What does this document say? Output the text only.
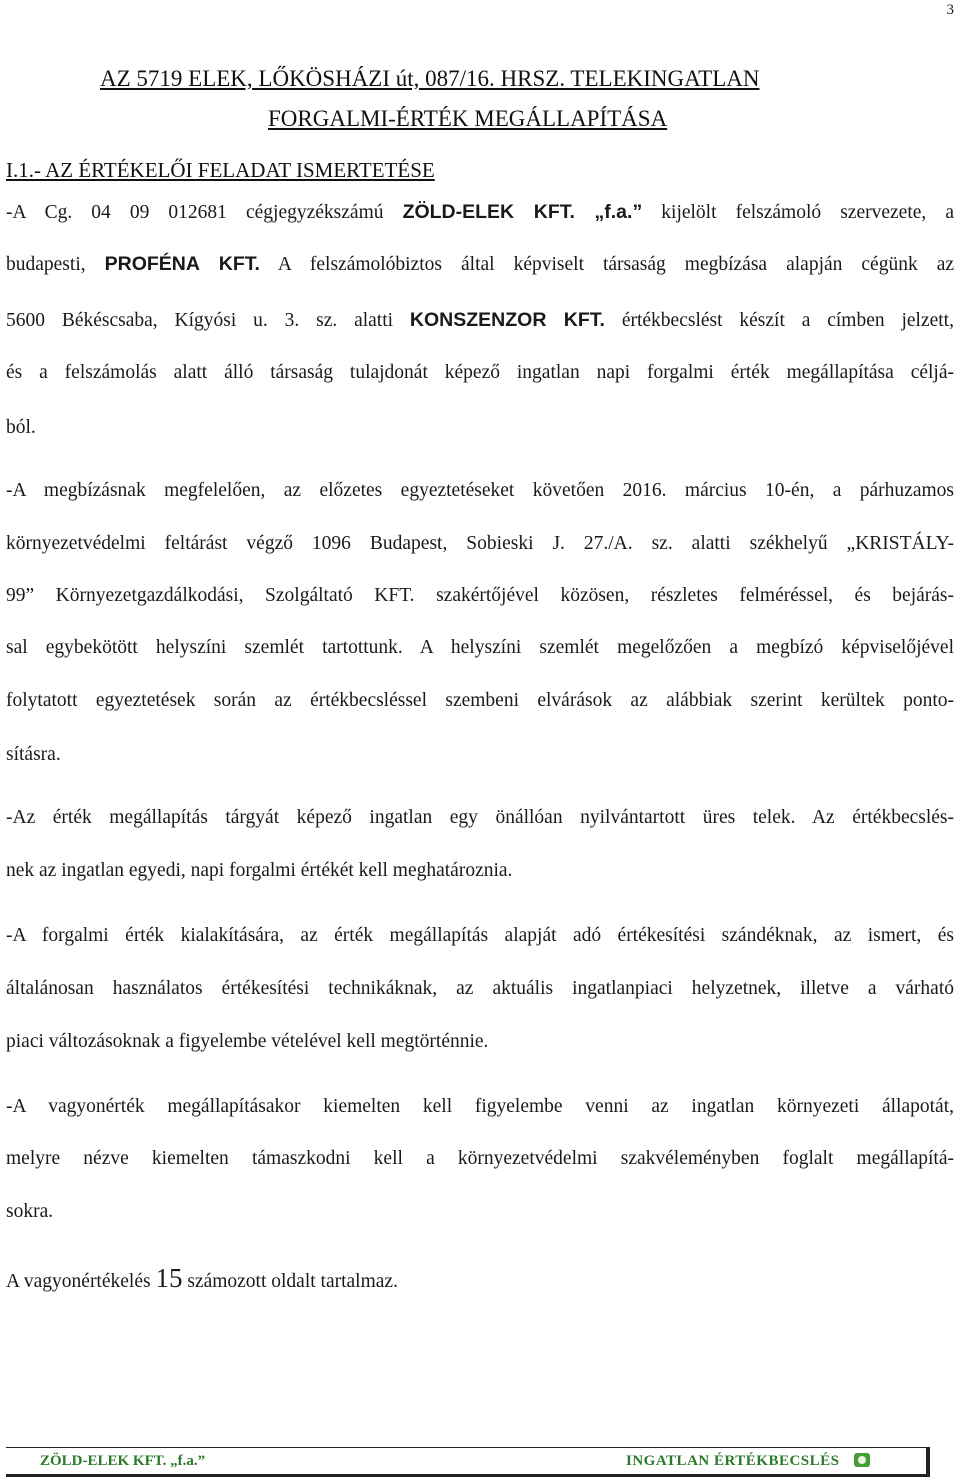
3
AZ 5719 ELEK, LŐKÖSHÁZI út, 087/16. HRSZ. TELEKINGATLAN
FORGALMI-ÉRTÉK MEGÁLLAPÍTÁSA
I.1.- AZ ÉRTÉKELŐI FELADAT ISMERTETÉSE
-A Cg. 04 09 012681 cégjegyzékszámú ZÖLD-ELEK KFT. „f.a.” kijelölt felszámoló szervezete, a
budapesti, PROFÉNA KFT. A felszámolóbiztos által képviselt társaság megbízása alapján cégünk az
5600 Békéscsaba, Kígyósi u. 3. sz. alatti KONSZENZOR KFT. értékbecslést készít a címben jelzett,
és a felszámolás alatt álló társaság tulajdonát képező ingatlan napi forgalmi érték megállapítása céljá-
ból.
-A megbízásnak megfelelően, az előzetes egyeztetéseket követően 2016. március 10-én, a párhuzamos
környezetvédelmi feltárást végző 1096 Budapest, Sobieski J. 27./A. sz. alatti székhelyű „KRISTÁLY-
99” Környezetgazdálkodási, Szolgáltató KFT. szakértőjével közösen, részletes felméréssel, és bejárás-
sal egybekötött helyszíni szemlét tartottunk. A helyszíni szemlét megelőzően a megbízó képviselőjével
folytatott egyeztetések során az értékbecsléssel szembeni elvárások az alábbiak szerint kerültek ponto-
sításra.
-Az érték megállapítás tárgyát képező ingatlan egy önállóan nyilvántartott üres telek. Az értékbecslés-
nek az ingatlan egyedi, napi forgalmi értékét kell meghatároznia.
-A forgalmi érték kialakítására, az érték megállapítás alapját adó értékesítési szándéknak, az ismert, és
általánosan használatos értékesítési technikáknak, az aktuális ingatlanpiaci helyzetnek, illetve a várható
piaci változásoknak a figyelembe vételével kell megtörténnie.
-A vagyonérték megállapításakor kiemelten kell figyelembe venni az ingatlan környezeti állapotát,
melyre nézve kiemelten támaszkodni kell a környezetvédelmi szakvéleményben foglalt megállapítá-
sokra.
A vagyonértékelés 15 számozott oldalt tartalmaz.
ZÖLD-ELEK KFT. „f.a.”	INGATLAN ÉRTÉKBECSLÉS
